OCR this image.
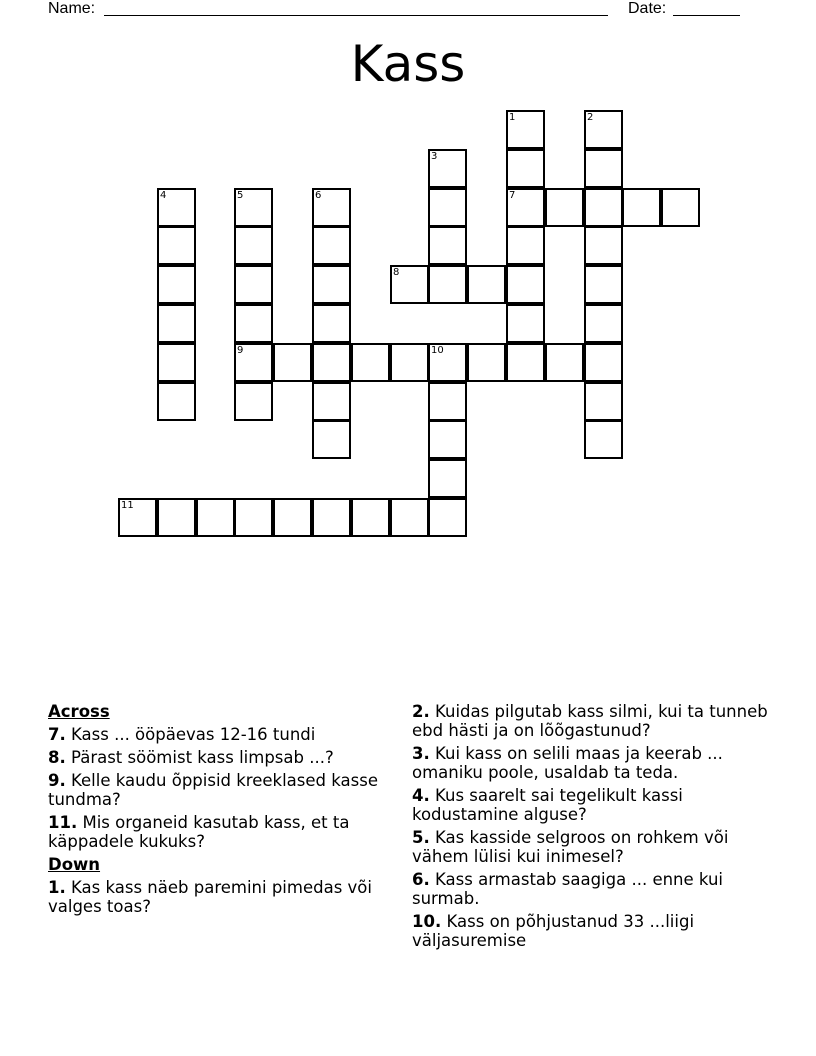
Name:	Date:
Kass
1
7
2
3
4	5
9
6
8
10
11
Across
7. Kass ... ööpäevas 12-16 tundi
8. Pärast söömist kass limpsab ...?
9. Kelle kaudu õppisid kreeklased kasse tundma?
11. Mis organeid kasutab kass, et ta käppadele kukuks?
Down
1. Kas kass näeb paremini pimedas või valges toas?
2. Kuidas pilgutab kass silmi, kui ta tunneb ebd hästi ja on lõõgastunud?
3. Kui kass on selili maas ja keerab ... omaniku poole, usaldab ta teda.
4. Kus saarelt sai tegelikult kassi kodustamine alguse?
5. Kas kasside selgroos on rohkem või vähem lülisi kui inimesel?
6. Kass armastab saagiga ... enne kui surmab.
10. Kass on põhjustanud 33 ...liigi väljasuremise
